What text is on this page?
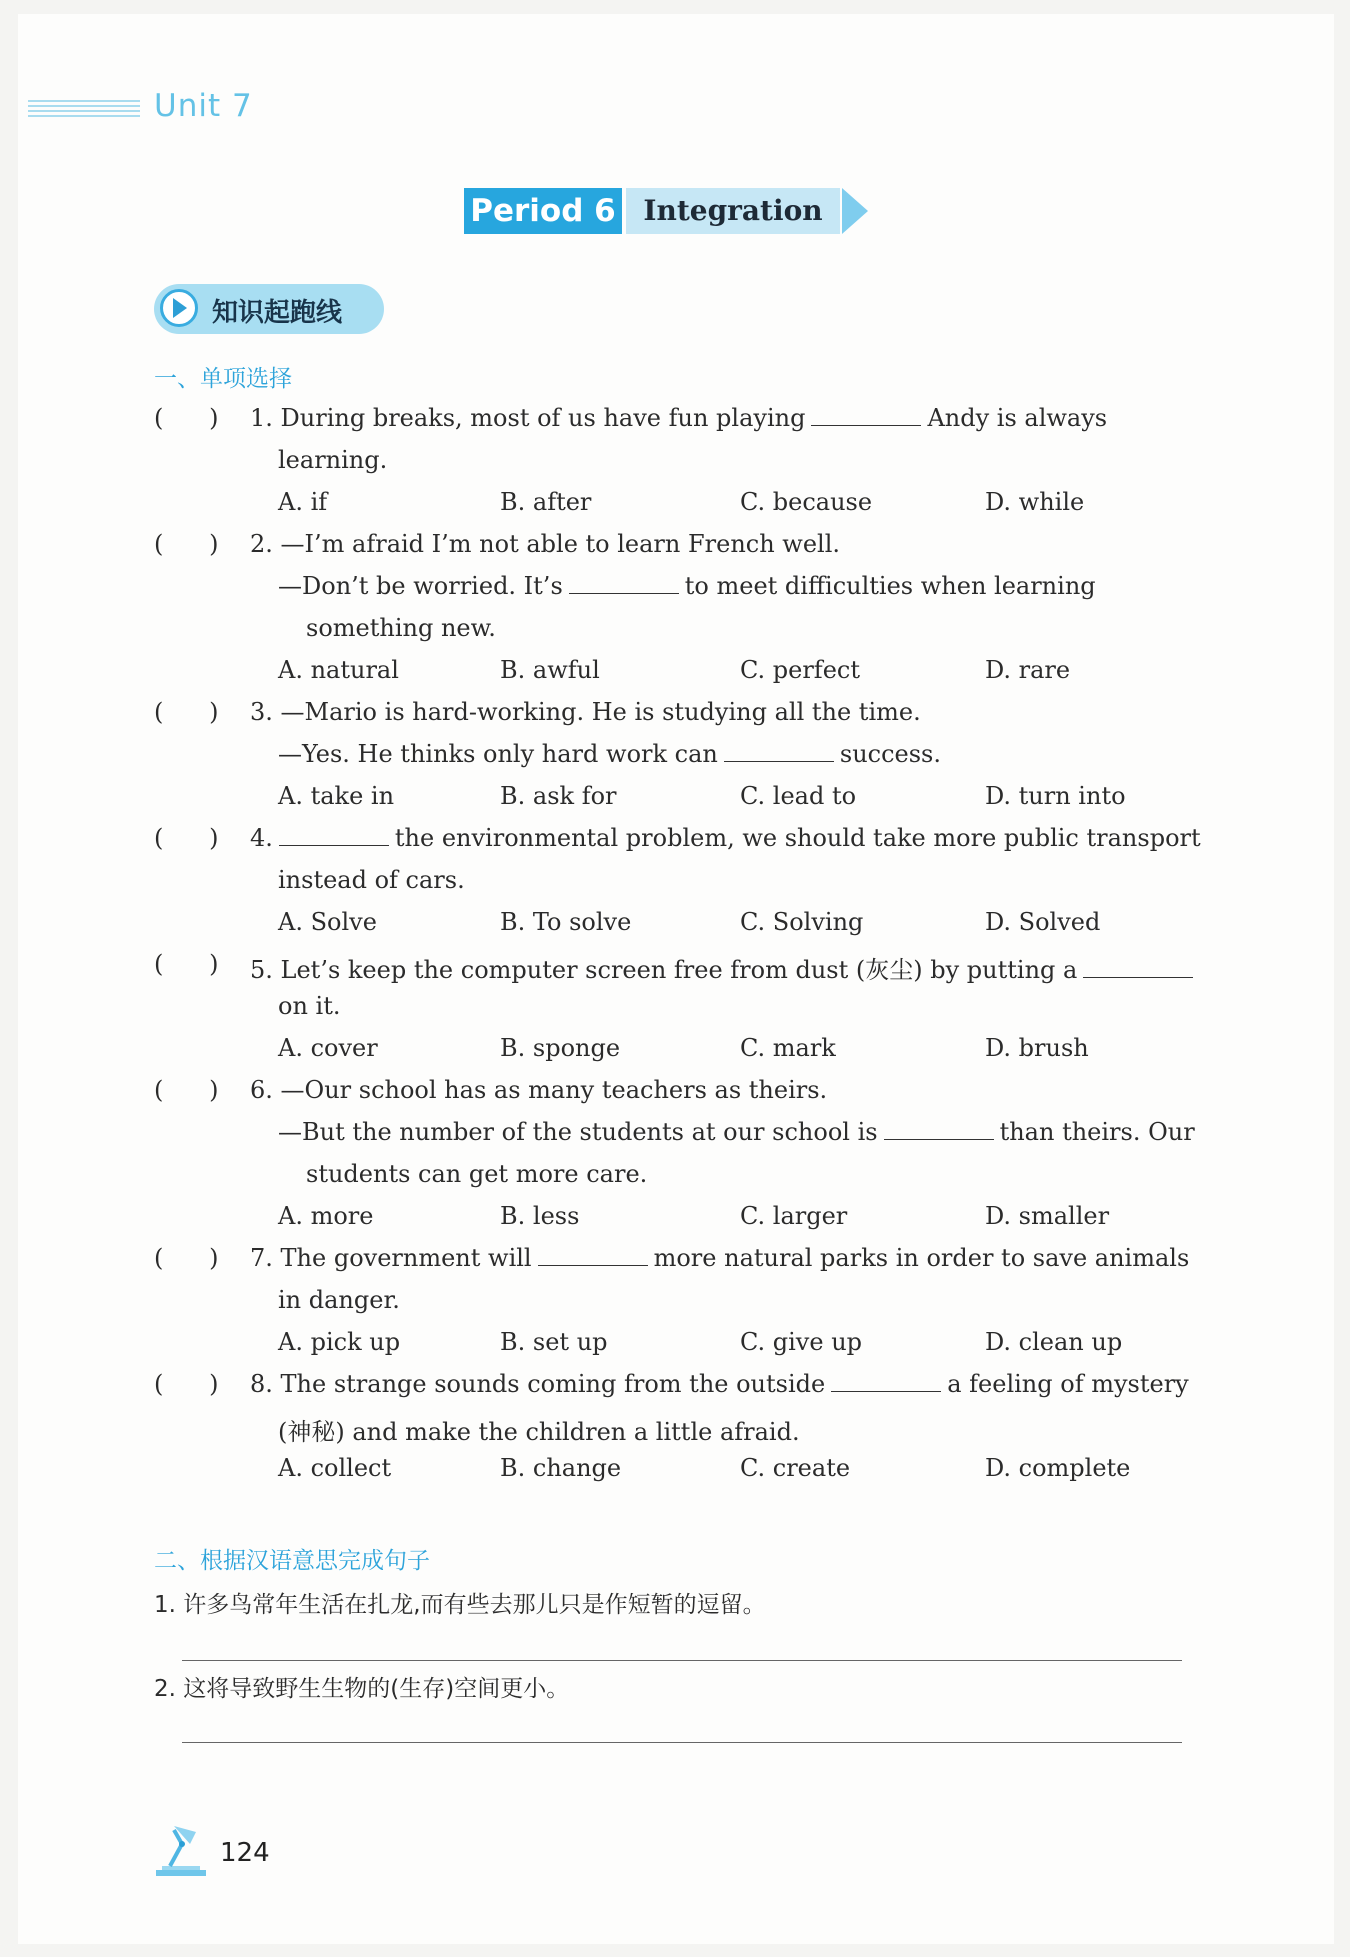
Unit 7
Period 6 Integration
知识起跑线
一、单项选择
(      ) 1. During breaks, most of us have fun playing	Andy is always
learning.
A. if	B. after	C. because	D. while
(      ) 2. —I’m afraid I’m not able to learn French well.
—Don’t be worried. It’s	to meet difficulties when learning
something new.
A. natural	B. awful	C. perfect	D. rare
(      ) 3. —Mario is hard-working. He is studying all the time.
—Yes. He thinks only hard work can	success.
A. take in	B. ask for	C. lead to	D. turn into
(      ) 4.	the environmental problem, we should take more public transport
instead of cars.
A. Solve	B. To solve	C. Solving	D. Solved
(      ) 5. Let’s keep the computer screen free from dust (灰尘) by putting a
on it.
A. cover	B. sponge	C. mark	D. brush
(      ) 6. —Our school has as many teachers as theirs.
—But the number of the students at our school is	than theirs. Our
students can get more care.
A. more	B. less	C. larger	D. smaller
(      ) 7. The government will	more natural parks in order to save animals
in danger.
A. pick up	B. set up	C. give up	D. clean up
(      ) 8. The strange sounds coming from the outside	a feeling of mystery
(神秘) and make the children a little afraid.
A. collect	B. change	C. create	D. complete
二、根据汉语意思完成句子
1. 许多鸟常年生活在扎龙,而有些去那儿只是作短暂的逗留。
2. 这将导致野生生物的(生存)空间更小。
124
